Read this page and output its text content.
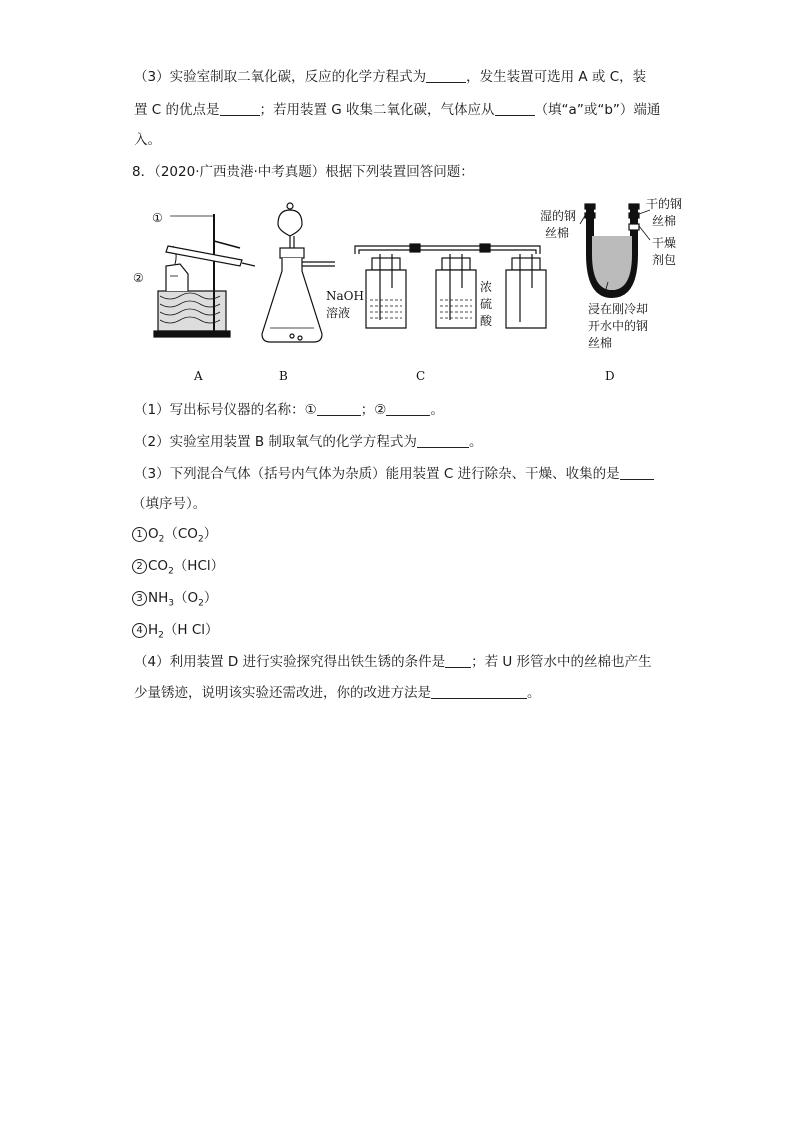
（3）实验室制取二氧化碳，反应的化学方程式为	，发生装置可选用 A 或 C，装
置 C 的优点是	；若用装置 G 收集二氧化碳，气体应从	（填“a”或“b”）端通
入。
8．（2020·广西贵港·中考真题）根据下列装置回答问题：
①
②
NaOH
溶液
浓
硫
酸
湿的钢
丝棉
干的钢
丝棉
干燥
剂包
浸在刚冷却
开水中的钢
丝棉
A	B	C	D
（1）写出标号仪器的名称：①	；②	。
（2）实验室用装置 B 制取氧气的化学方程式为	。
（3）下列混合气体（括号内气体为杂质）能用装置 C 进行除杂、干燥、收集的是
（填序号）。
1 $O_2(CO_2)$
2 $CO_2(HCl)$
3 $NH_3(O_2)$
4 $H_2(H$ Cl）
（4）利用装置 D 进行实验探究得出铁生锈的条件是 ；若 U 形管水中的丝棉也产生
少量锈迹，说明该实验还需改进，你的改进方法是	。
